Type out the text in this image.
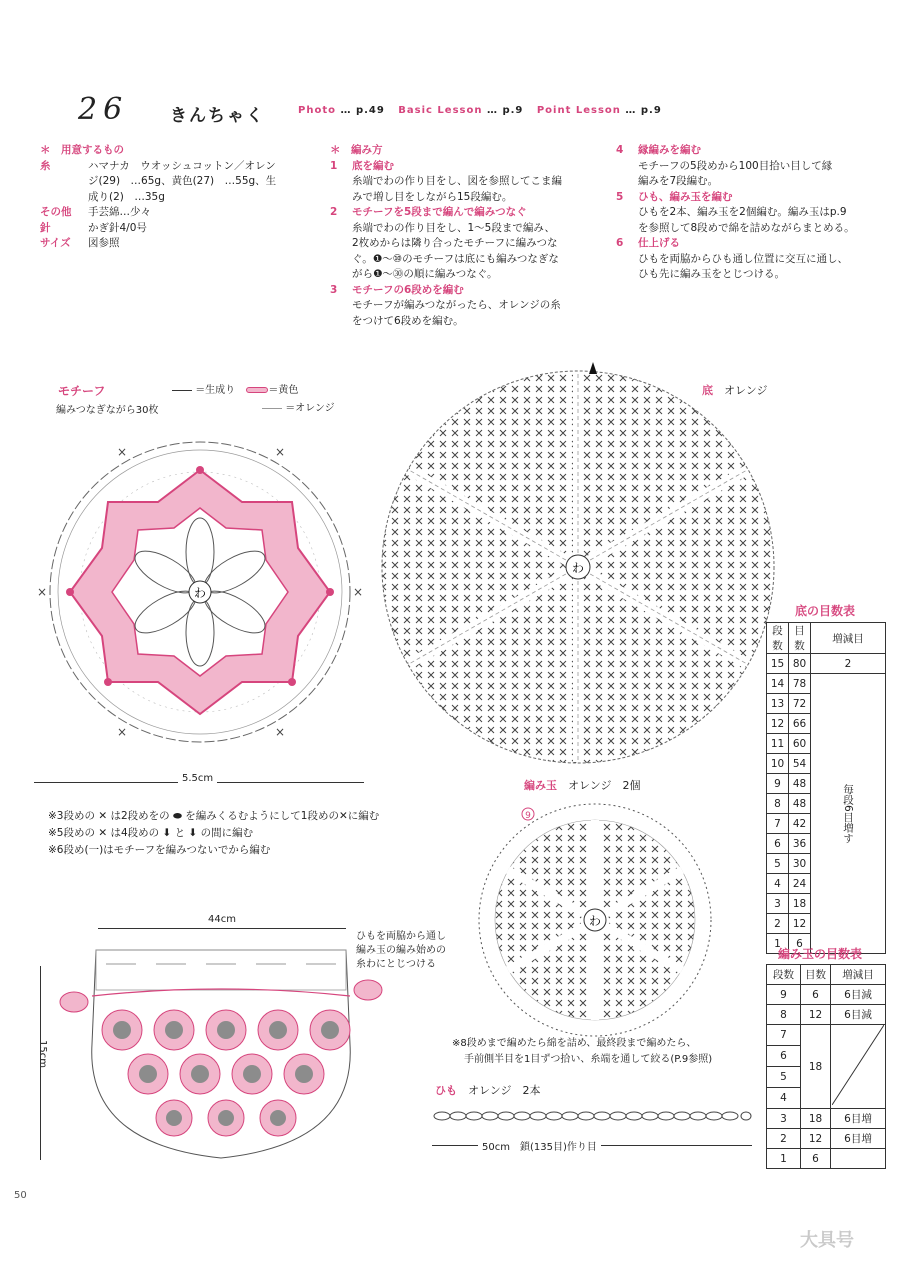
26 きんちゃく	Photo … p.49 Basic Lesson … p.9 Point Lesson … p.9
＊　用意するもの
糸	ハマナカ　ウオッシュコットン／オレン
ジ(29)　…65g、黄色(27)　…55g、生
成り(2)　…35g
その他	手芸綿…少々
針	かぎ針4/0号
サイズ	図参照
＊　編み方
1	底を編む
糸端でわの作り目をし、図を参照してこま編
みで増し目をしながら15段編む。
2	モチーフを5段まで編んで編みつなぐ
糸端でわの作り目をし、1～5段まで編み、
2枚めからは隣り合ったモチーフに編みつな
ぐ。❶～⑩のモチーフは底にも編みつなぎな
がら❶～㉚の順に編みつなぐ。
3	モチーフの6段めを編む
モチーフが編みつながったら、オレンジの糸
をつけて6段めを編む。
4	縁編みを編む
モチーフの5段めから100目拾い目して縁
編みを7段編む。
5	ひも、編み玉を編む
ひもを2本、編み玉を2個編む。編み玉はp.9
を参照して8段めで綿を詰めながらまとめる。
6	仕上げる
ひもを両脇からひも通し位置に交互に通し、
ひも先に編み玉をとじつける。
モチーフ
編みつなぎながら30枚
＝生成り	＝黄色
＝オレンジ
わ
×	×
×	×
×	×
5.5cm
※3段めの ✕ は2段めをの ⬬ を編みくるむようにして1段めの✕に編む
※5段めの ✕ は4段めの ⬇ と ⬇ の間に編む
※6段め(一)はモチーフを編みつないでから編む
底　 オレンジ
わ
底の目数表
段数	目数	増減目
15	80	2
14	78	毎段6目増す

13	72	
12	66	
11	60	
10	54	
9	48	
8	48	
7	42	
6	36	
5	30	
4	24	
3	18	
2	12	
1	6	
編み玉　 オレンジ　 2個
わ
9
※8段めまで編めたら綿を詰め、最終段まで編めたら、
手前側半目を1目ずつ拾い、糸端を通して絞る(P.9参照)
編み玉の目数表
段数	目数	増減目
9	6	6目減
8	12	6目減
7	18	
6		
5		
4		
3	18	6目増
2	12	6目増
1	6	
44cm
ひもを両脇から通し
編み玉の編み始めの
糸わにとじつける
15cm
ひも　 オレンジ　 2本
50cm　鎖(135目)作り目
50
大具号
